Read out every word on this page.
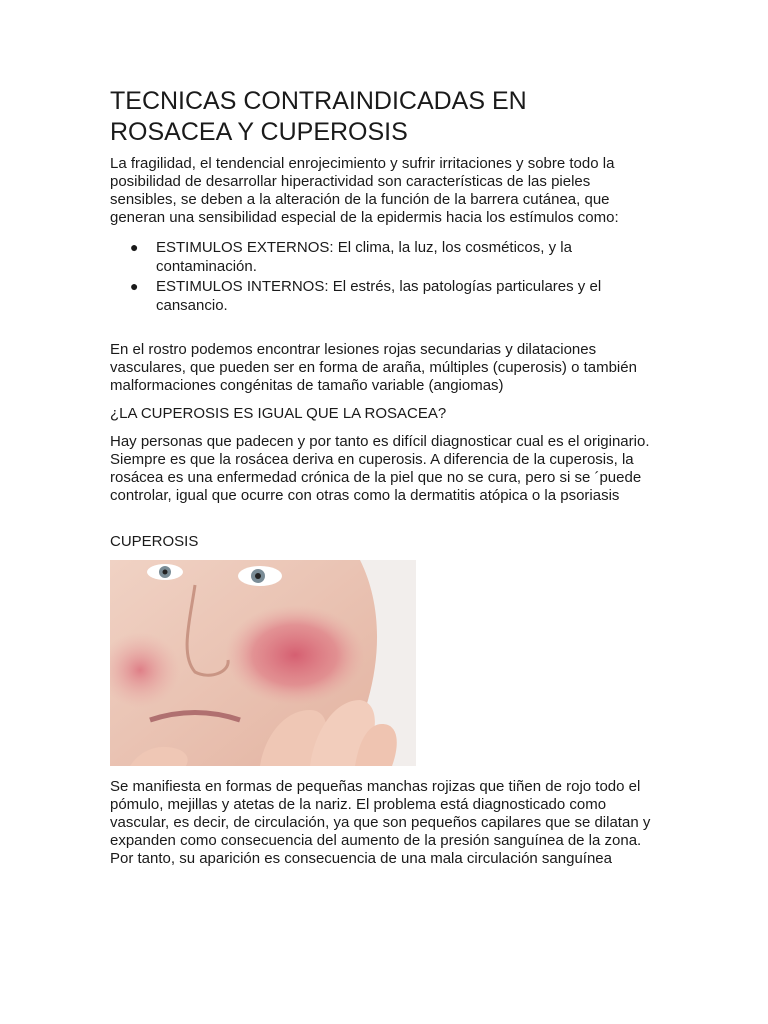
TECNICAS CONTRAINDICADAS EN ROSACEA Y CUPEROSIS

La fragilidad, el tendencial enrojecimiento y sufrir irritaciones y sobre todo la posibilidad de desarrollar hiperactividad son características de las pieles sensibles, se deben a la alteración de la función de la barrera cutánea, que generan una sensibilidad especial de la epidermis hacia los estímulos como:

● ESTIMULOS EXTERNOS: El clima, la luz, los cosméticos, y la contaminación.
● ESTIMULOS INTERNOS: El estrés, las patologías particulares y el cansancio.

En el rostro podemos encontrar lesiones rojas secundarias y dilataciones vasculares, que pueden ser en forma de araña, múltiples (cuperosis) o también malformaciones congénitas de tamaño variable (angiomas)

¿LA CUPEROSIS ES IGUAL QUE LA ROSACEA?

Hay personas que padecen y por tanto es difícil diagnosticar cual es el originario. Siempre es que la rosácea deriva en cuperosis. A diferencia de la cuperosis, la rosácea es una enfermedad crónica de la piel que no se cura, pero si se ´puede controlar, igual que ocurre con otras como la dermatitis atópica o la psoriasis

CUPEROSIS

Se manifiesta en formas de pequeñas manchas rojizas que tiñen de rojo todo el pómulo, mejillas y atetas de la nariz. El problema está diagnosticado como vascular, es decir, de circulación, ya que son pequeños capilares que se dilatan y expanden como consecuencia del aumento de la presión sanguínea de la zona. Por tanto, su aparición es consecuencia de una mala circulación sanguínea
